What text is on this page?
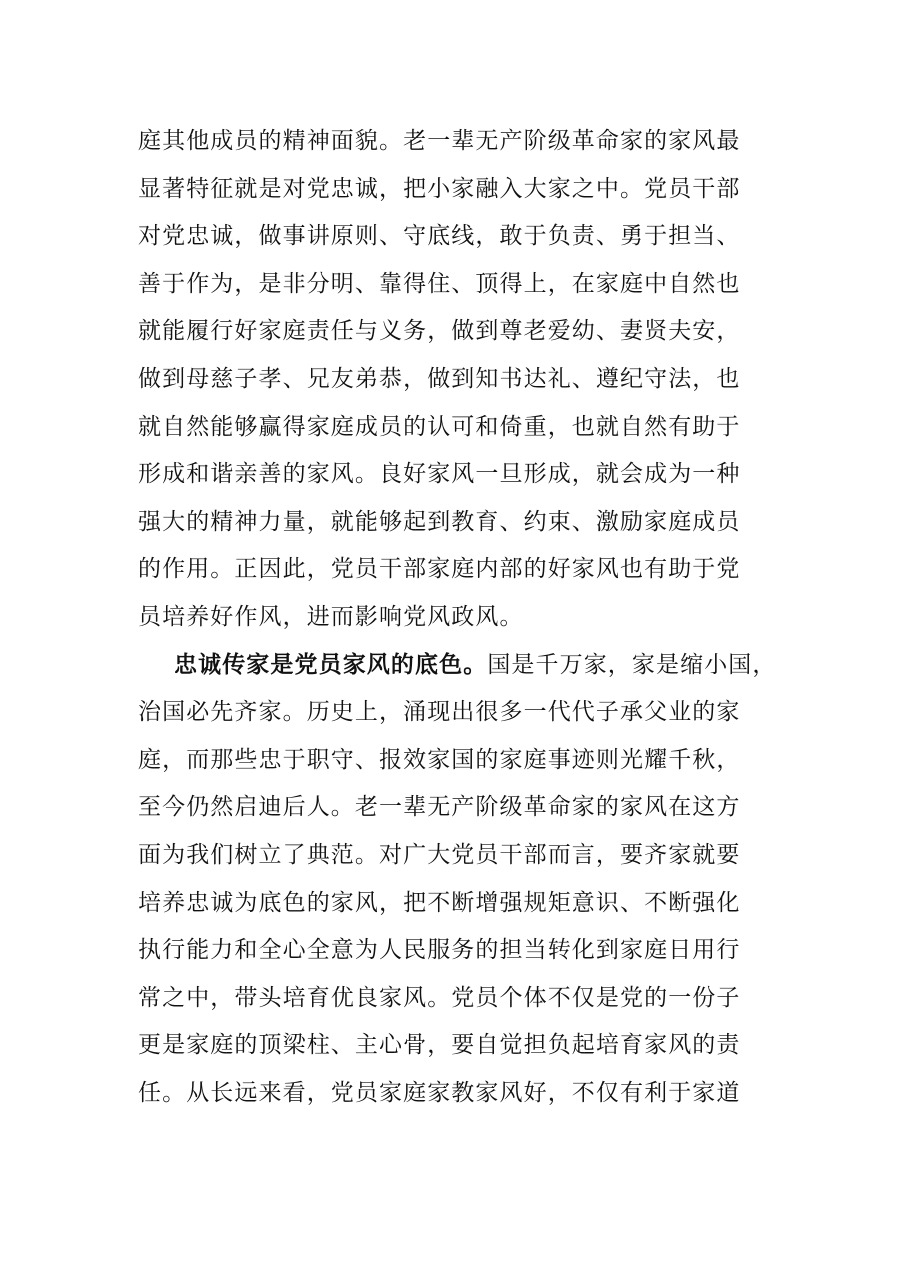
庭其他成员的精神面貌。老一辈无产阶级革命家的家风最
显著特征就是对党忠诚，把小家融入大家之中。党员干部
对党忠诚，做事讲原则、守底线，敢于负责、勇于担当、
善于作为，是非分明、靠得住、顶得上，在家庭中自然也
就能履行好家庭责任与义务，做到尊老爱幼、妻贤夫安，
做到母慈子孝、兄友弟恭，做到知书达礼、遵纪守法，也
就自然能够赢得家庭成员的认可和倚重，也就自然有助于
形成和谐亲善的家风。良好家风一旦形成，就会成为一种
强大的精神力量，就能够起到教育、约束、激励家庭成员
的作用。正因此，党员干部家庭内部的好家风也有助于党
员培养好作风，进而影响党风政风。
忠诚传家是党员家风的底色。国是千万家，家是缩小国，
治国必先齐家。历史上，涌现出很多一代代子承父业的家
庭，而那些忠于职守、报效家国的家庭事迹则光耀千秋，
至今仍然启迪后人。老一辈无产阶级革命家的家风在这方
面为我们树立了典范。对广大党员干部而言，要齐家就要
培养忠诚为底色的家风，把不断增强规矩意识、不断强化
执行能力和全心全意为人民服务的担当转化到家庭日用行
常之中，带头培育优良家风。党员个体不仅是党的一份子
更是家庭的顶梁柱、主心骨，要自觉担负起培育家风的责
任。从长远来看，党员家庭家教家风好，不仅有利于家道
